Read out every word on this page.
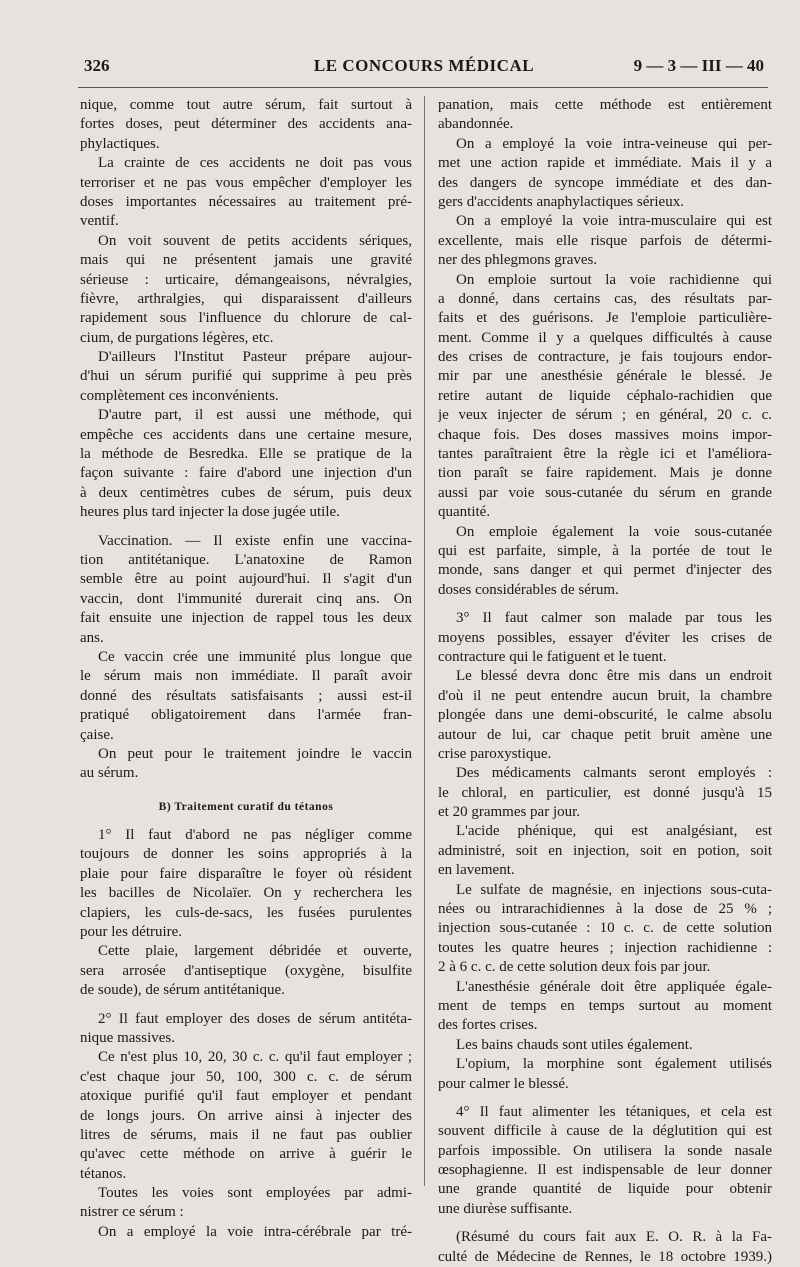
326	LE CONCOURS MÉDICAL	9 — 3 — III — 40
nique, comme tout autre sérum, fait surtout à
fortes doses, peut déterminer des accidents ana-
phylactiques.
La crainte de ces accidents ne doit pas vous
terroriser et ne pas vous empêcher d'employer les
doses importantes nécessaires au traitement pré-
ventif.
On voit souvent de petits accidents sériques,
mais qui ne présentent jamais une gravité
sérieuse : urticaire, démangeaisons, névralgies,
fièvre, arthralgies, qui disparaissent d'ailleurs
rapidement sous l'influence du chlorure de cal-
cium, de purgations légères, etc.
D'ailleurs l'Institut Pasteur prépare aujour-
d'hui un sérum purifié qui supprime à peu près
complètement ces inconvénients.
D'autre part, il est aussi une méthode, qui
empêche ces accidents dans une certaine mesure,
la méthode de Besredka. Elle se pratique de la
façon suivante : faire d'abord une injection d'un
à deux centimètres cubes de sérum, puis deux
heures plus tard injecter la dose jugée utile.
Vaccination. — Il existe enfin une vaccina-
tion antitétanique. L'anatoxine de Ramon
semble être au point aujourd'hui. Il s'agit d'un
vaccin, dont l'immunité durerait cinq ans. On
fait ensuite une injection de rappel tous les deux
ans.
Ce vaccin crée une immunité plus longue que
le sérum mais non immédiate. Il paraît avoir
donné des résultats satisfaisants ; aussi est-il
pratiqué obligatoirement dans l'armée fran-
çaise.
On peut pour le traitement joindre le vaccin
au sérum.
B) Traitement curatif du tétanos
1° Il faut d'abord ne pas négliger comme
toujours de donner les soins appropriés à la
plaie pour faire disparaître le foyer où résident
les bacilles de Nicolaïer. On y recherchera les
clapiers, les culs-de-sacs, les fusées purulentes
pour les détruire.
Cette plaie, largement débridée et ouverte,
sera arrosée d'antiseptique (oxygène, bisulfite
de soude), de sérum antitétanique.
2° Il faut employer des doses de sérum antitéta-
nique massives.
Ce n'est plus 10, 20, 30 c. c. qu'il faut employer ;
c'est chaque jour 50, 100, 300 c. c. de sérum
atoxique purifié qu'il faut employer et pendant
de longs jours. On arrive ainsi à injecter des
litres de sérums, mais il ne faut pas oublier
qu'avec cette méthode on arrive à guérir le
tétanos.
Toutes les voies sont employées par admi-
nistrer ce sérum :
On a employé la voie intra-cérébrale par tré-
panation, mais cette méthode est entièrement
abandonnée.
On a employé la voie intra-veineuse qui per-
met une action rapide et immédiate. Mais il y a
des dangers de syncope immédiate et des dan-
gers d'accidents anaphylactiques sérieux.
On a employé la voie intra-musculaire qui est
excellente, mais elle risque parfois de détermi-
ner des phlegmons graves.
On emploie surtout la voie rachidienne qui
a donné, dans certains cas, des résultats par-
faits et des guérisons. Je l'emploie particulière-
ment. Comme il y a quelques difficultés à cause
des crises de contracture, je fais toujours endor-
mir par une anesthésie générale le blessé. Je
retire autant de liquide céphalo-rachidien que
je veux injecter de sérum ; en général, 20 c. c.
chaque fois. Des doses massives moins impor-
tantes paraîtraient être la règle ici et l'améliora-
tion paraît se faire rapidement. Mais je donne
aussi par voie sous-cutanée du sérum en grande
quantité.
On emploie également la voie sous-cutanée
qui est parfaite, simple, à la portée de tout le
monde, sans danger et qui permet d'injecter des
doses considérables de sérum.
3° Il faut calmer son malade par tous les
moyens possibles, essayer d'éviter les crises de
contracture qui le fatiguent et le tuent.
Le blessé devra donc être mis dans un endroit
d'où il ne peut entendre aucun bruit, la chambre
plongée dans une demi-obscurité, le calme absolu
autour de lui, car chaque petit bruit amène une
crise paroxystique.
Des médicaments calmants seront employés :
le chloral, en particulier, est donné jusqu'à 15
et 20 grammes par jour.
L'acide phénique, qui est analgésiant, est
administré, soit en injection, soit en potion, soit
en lavement.
Le sulfate de magnésie, en injections sous-cuta-
nées ou intrarachidiennes à la dose de 25 % ;
injection sous-cutanée : 10 c. c. de cette solution
toutes les quatre heures ; injection rachidienne :
2 à 6 c. c. de cette solution deux fois par jour.
L'anesthésie générale doit être appliquée égale-
ment de temps en temps surtout au moment
des fortes crises.
Les bains chauds sont utiles également.
L'opium, la morphine sont également utilisés
pour calmer le blessé.
4° Il faut alimenter les tétaniques, et cela est
souvent difficile à cause de la déglutition qui est
parfois impossible. On utilisera la sonde nasale
œsophagienne. Il est indispensable de leur donner
une grande quantité de liquide pour obtenir
une diurèse suffisante.
(Résumé du cours fait aux E. O. R. à la Fa-
culté de Médecine de Rennes, le 18 octobre 1939.)
